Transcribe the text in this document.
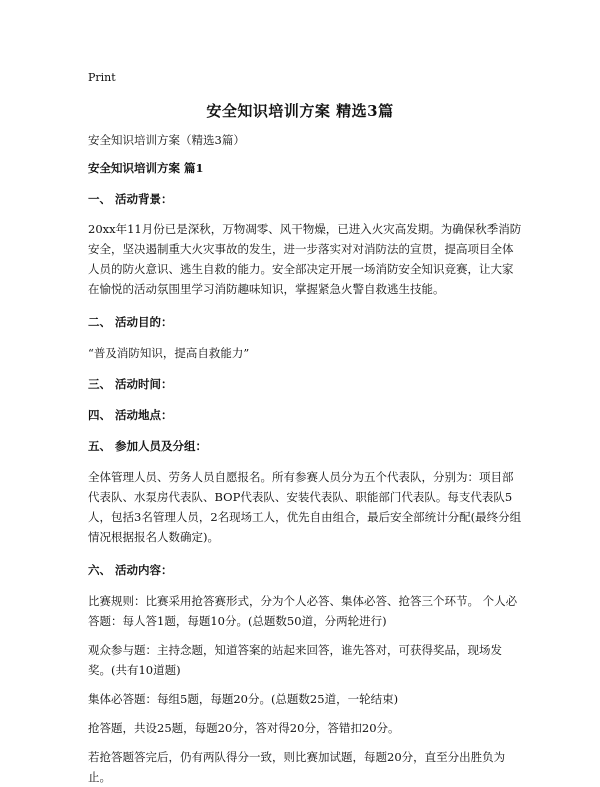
Print
安全知识培训方案 精选3篇

安全知识培训方案（精选3篇）

安全知识培训方案 篇1

一、 活动背景：

20xx年11月份已是深秋，万物凋零、风干物燥，已进入火灾高发期。为确保秋季消防安全，坚决遏制重大火灾事故的发生，进一步落实对对消防法的宣贯，提高项目全体人员的防火意识、逃生自救的能力。安全部决定开展一场消防安全知识竞赛，让大家在愉悦的活动氛围里学习消防趣味知识，掌握紧急火警自救逃生技能。

二、 活动目的：

“普及消防知识，提高自救能力”

三、 活动时间：

四、 活动地点：

五、 参加人员及分组：

全体管理人员、劳务人员自愿报名。所有参赛人员分为五个代表队，分别为：项目部代表队、水泵房代表队、BOP代表队、安装代表队、职能部门代表队。每支代表队5人，包括3名管理人员，2名现场工人，优先自由组合，最后安全部统计分配(最终分组情况根据报名人数确定)。

六、 活动内容：

比赛规则：比赛采用抢答赛形式，分为个人必答、集体必答、抢答三个环节。 个人必答题：每人答1题，每题10分。(总题数50道，分两轮进行)

观众参与题：主持念题，知道答案的站起来回答，谁先答对，可获得奖品，现场发奖。(共有10道题)

集体必答题：每组5题，每题20分。(总题数25道，一轮结束)

抢答题，共设25题，每题20分，答对得20分，答错扣20分。

若抢答题答完后，仍有两队得分一致，则比赛加试题，每题20分，直至分出胜负为止。
